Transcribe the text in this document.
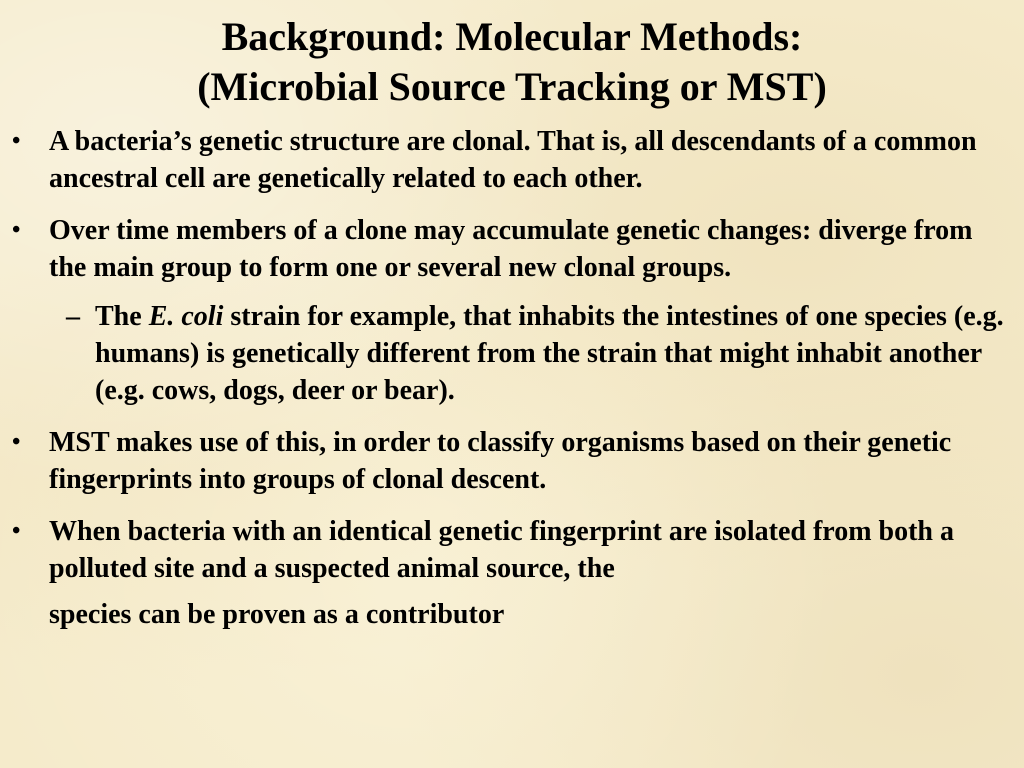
Background: Molecular Methods:
(Microbial Source Tracking or MST)
• A bacteria’s genetic structure are clonal. That is, all descendants of a common ancestral cell are genetically related to each other.
• Over time members of a clone may accumulate genetic changes: diverge from the main group to form one or several new clonal groups.
– The E. coli strain for example, that inhabits the intestines of one species (e.g. humans) is genetically different from the strain that might inhabit another (e.g. cows, dogs, deer or bear).
• MST makes use of this, in order to classify organisms based on their genetic fingerprints into groups of clonal descent.
• When bacteria with an identical genetic fingerprint are isolated from both a polluted site and a suspected animal source, the
species can be proven as a contributor
